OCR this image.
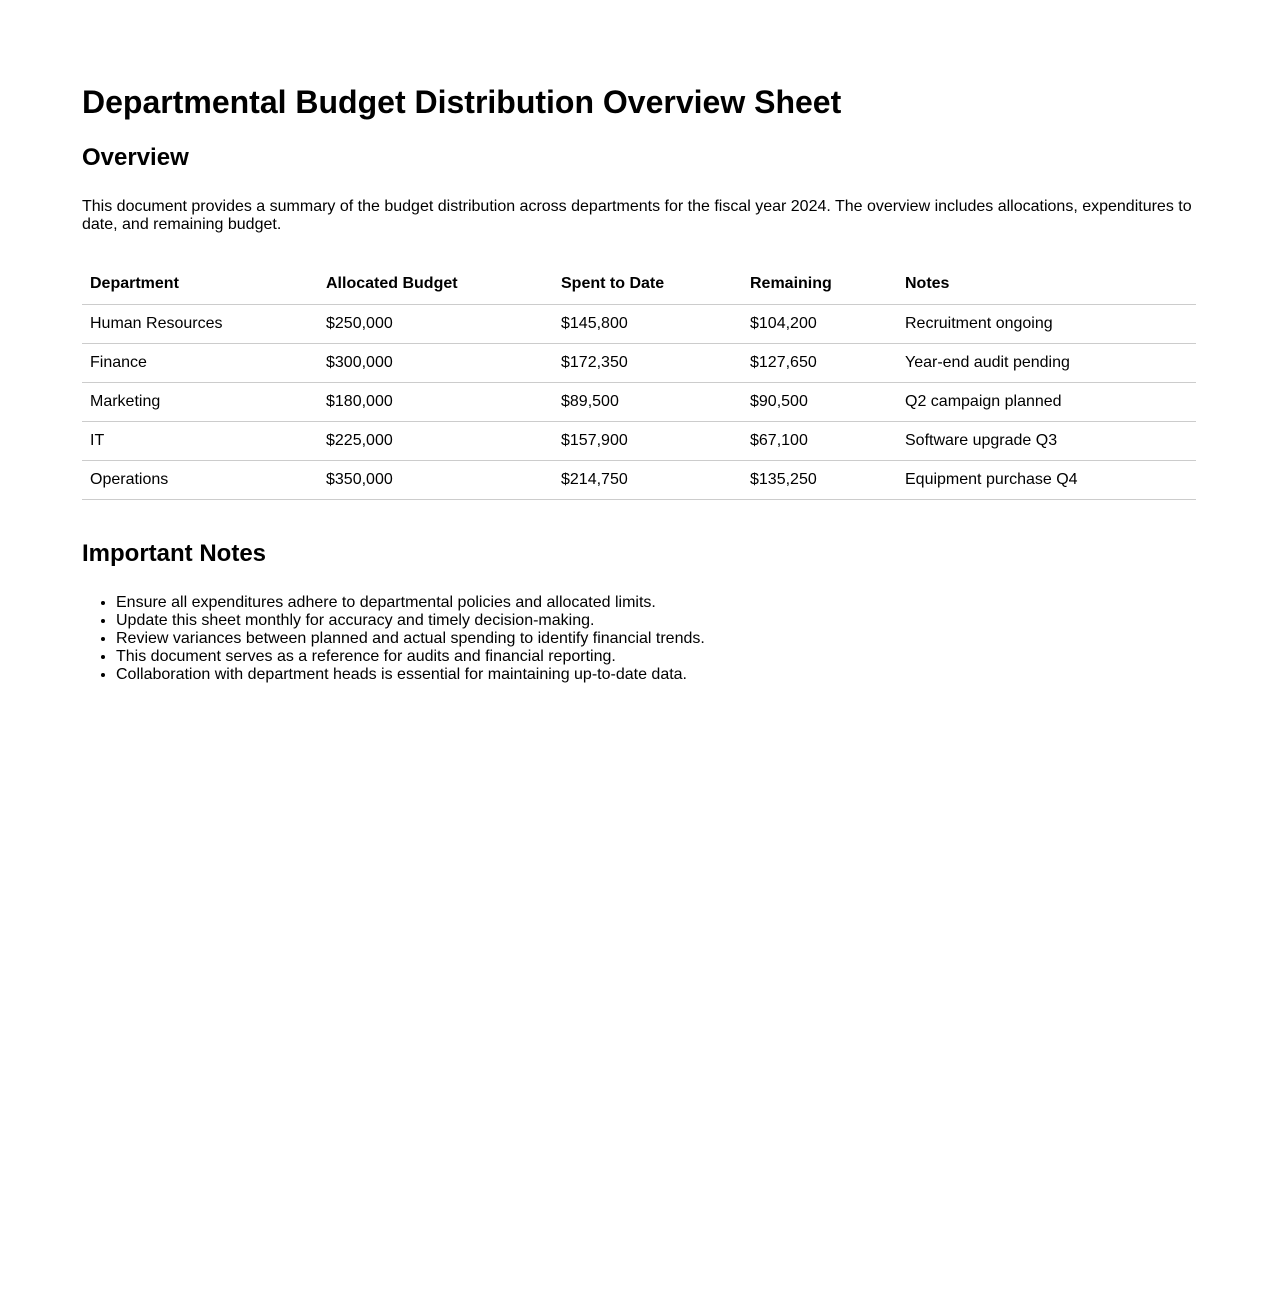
Departmental Budget Distribution Overview Sheet
Overview

This document provides a summary of the budget distribution across departments for the fiscal year 2024. The overview includes allocations, expenditures to date, and remaining budget.

Department	Allocated Budget	Spent to Date	Remaining	Notes
Human Resources	$250,000	$145,800	$104,200	Recruitment ongoing
Finance	$300,000	$172,350	$127,650	Year-end audit pending
Marketing	$180,000	$89,500	$90,500	Q2 campaign planned
IT	$225,000	$157,900	$67,100	Software upgrade Q3
Operations	$350,000	$214,750	$135,250	Equipment purchase Q4
Important Notes
• Ensure all expenditures adhere to departmental policies and allocated limits.
• Update this sheet monthly for accuracy and timely decision-making.
• Review variances between planned and actual spending to identify financial trends.
• This document serves as a reference for audits and financial reporting.
• Collaboration with department heads is essential for maintaining up-to-date data.
